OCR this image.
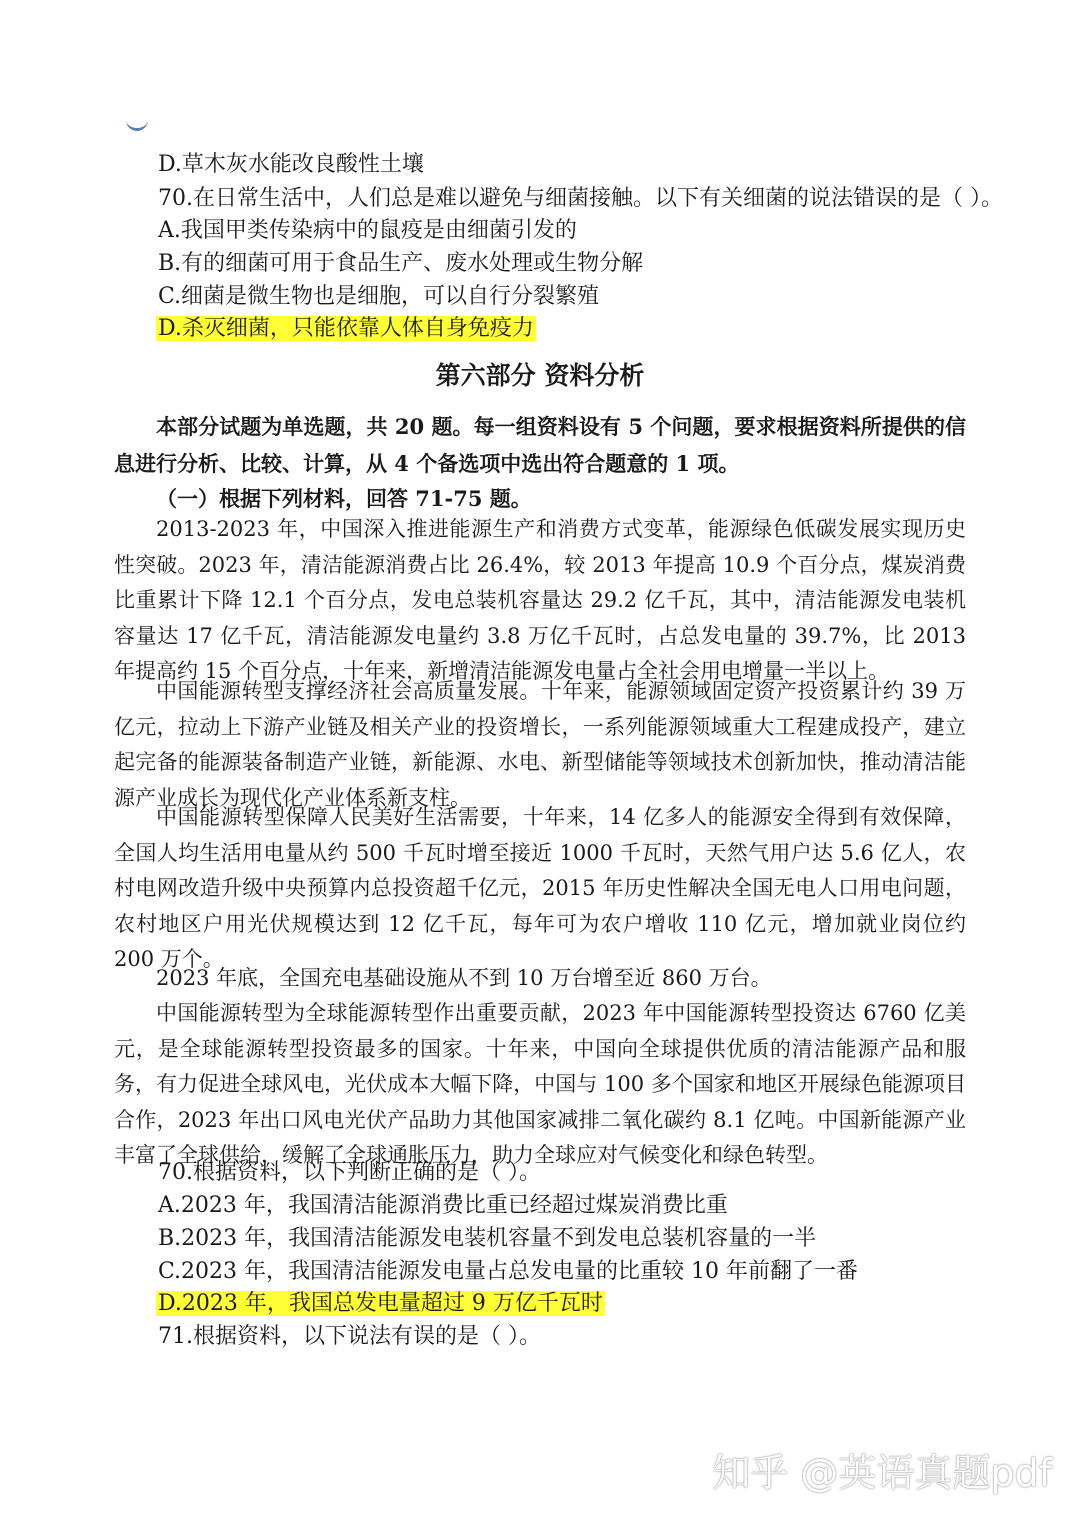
D.草木灰水能改良酸性土壤
70.在日常生活中，人们总是难以避免与细菌接触。以下有关细菌的说法错误的是（ ）。
A.我国甲类传染病中的鼠疫是由细菌引发的
B.有的细菌可用于食品生产、废水处理或生物分解
C.细菌是微生物也是细胞，可以自行分裂繁殖
D.杀灭细菌，只能依靠人体自身免疫力
第六部分 资料分析
本部分试题为单选题，共 20 题。每一组资料设有 5 个问题，要求根据资料所提供的信息进行分析、比较、计算，从 4 个备选项中选出符合题意的 1 项。
（一）根据下列材料，回答 71-75 题。
2013-2023 年，中国深入推进能源生产和消费方式变革，能源绿色低碳发展实现历史性突破。2023 年，清洁能源消费占比 26.4%，较 2013 年提高 10.9 个百分点，煤炭消费比重累计下降 12.1 个百分点，发电总装机容量达 29.2 亿千瓦，其中，清洁能源发电装机容量达 17 亿千瓦，清洁能源发电量约 3.8 万亿千瓦时，占总发电量的 39.7%，比 2013 年提高约 15 个百分点，十年来，新增清洁能源发电量占全社会用电增量一半以上。
中国能源转型支撑经济社会高质量发展。十年来，能源领域固定资产投资累计约 39 万亿元，拉动上下游产业链及相关产业的投资增长，一系列能源领域重大工程建成投产，建立起完备的能源装备制造产业链，新能源、水电、新型储能等领域技术创新加快，推动清洁能源产业成长为现代化产业体系新支柱。
中国能源转型保障人民美好生活需要，十年来，14 亿多人的能源安全得到有效保障，全国人均生活用电量从约 500 千瓦时增至接近 1000 千瓦时，天然气用户达 5.6 亿人，农村电网改造升级中央预算内总投资超千亿元，2015 年历史性解决全国无电人口用电问题，农村地区户用光伏规模达到 12 亿千瓦，每年可为农户增收 110 亿元，增加就业岗位约 200 万个。
2023 年底，全国充电基础设施从不到 10 万台增至近 860 万台。
中国能源转型为全球能源转型作出重要贡献，2023 年中国能源转型投资达 6760 亿美元，是全球能源转型投资最多的国家。十年来，中国向全球提供优质的清洁能源产品和服务，有力促进全球风电，光伏成本大幅下降，中国与 100 多个国家和地区开展绿色能源项目合作，2023 年出口风电光伏产品助力其他国家减排二氧化碳约 8.1 亿吨。中国新能源产业丰富了全球供给，缓解了全球通胀压力，助力全球应对气候变化和绿色转型。
70.根据资料，以下判断正确的是（ ）。
A.2023 年，我国清洁能源消费比重已经超过煤炭消费比重
B.2023 年，我国清洁能源发电装机容量不到发电总装机容量的一半
C.2023 年，我国清洁能源发电量占总发电量的比重较 10 年前翻了一番
D.2023 年，我国总发电量超过 9 万亿千瓦时
71.根据资料，以下说法有误的是（ ）。
知乎 @英语真题pdf
